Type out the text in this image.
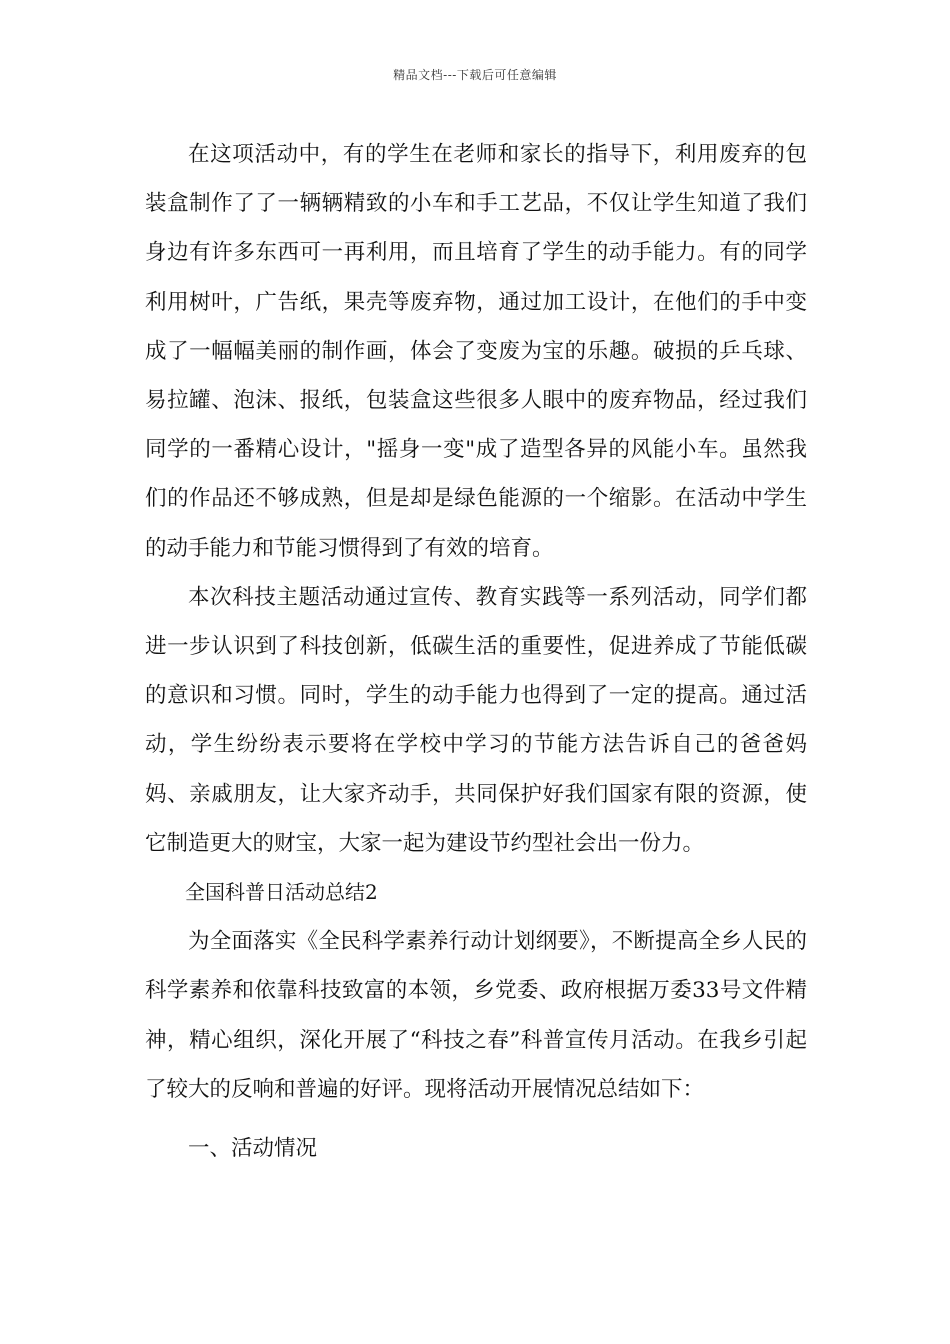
精品文档---下载后可任意编辑

在这项活动中，有的学生在老师和家长的指导下，利用废弃的包装盒制作了了一辆辆精致的小车和手工艺品，不仅让学生知道了我们身边有许多东西可一再利用，而且培育了学生的动手能力。有的同学利用树叶，广告纸，果壳等废弃物，通过加工设计，在他们的手中变成了一幅幅美丽的制作画，体会了变废为宝的乐趣。破损的乒乓球、易拉罐、泡沫、报纸，包装盒这些很多人眼中的废弃物品，经过我们同学的一番精心设计，"摇身一变"成了造型各异的风能小车。虽然我们的作品还不够成熟，但是却是绿色能源的一个缩影。在活动中学生的动手能力和节能习惯得到了有效的培育。

本次科技主题活动通过宣传、教育实践等一系列活动，同学们都进一步认识到了科技创新，低碳生活的重要性，促进养成了节能低碳的意识和习惯。同时，学生的动手能力也得到了一定的提高。通过活动，学生纷纷表示要将在学校中学习的节能方法告诉自己的爸爸妈妈、亲戚朋友，让大家齐动手，共同保护好我们国家有限的资源，使它制造更大的财宝，大家一起为建设节约型社会出一份力。

全国科普日活动总结2

为全面落实《全民科学素养行动计划纲要》，不断提高全乡人民的科学素养和依靠科技致富的本领，乡党委、政府根据万委33号文件精神，精心组织，深化开展了“科技之春”科普宣传月活动。在我乡引起了较大的反响和普遍的好评。现将活动开展情况总结如下：

一、活动情况
